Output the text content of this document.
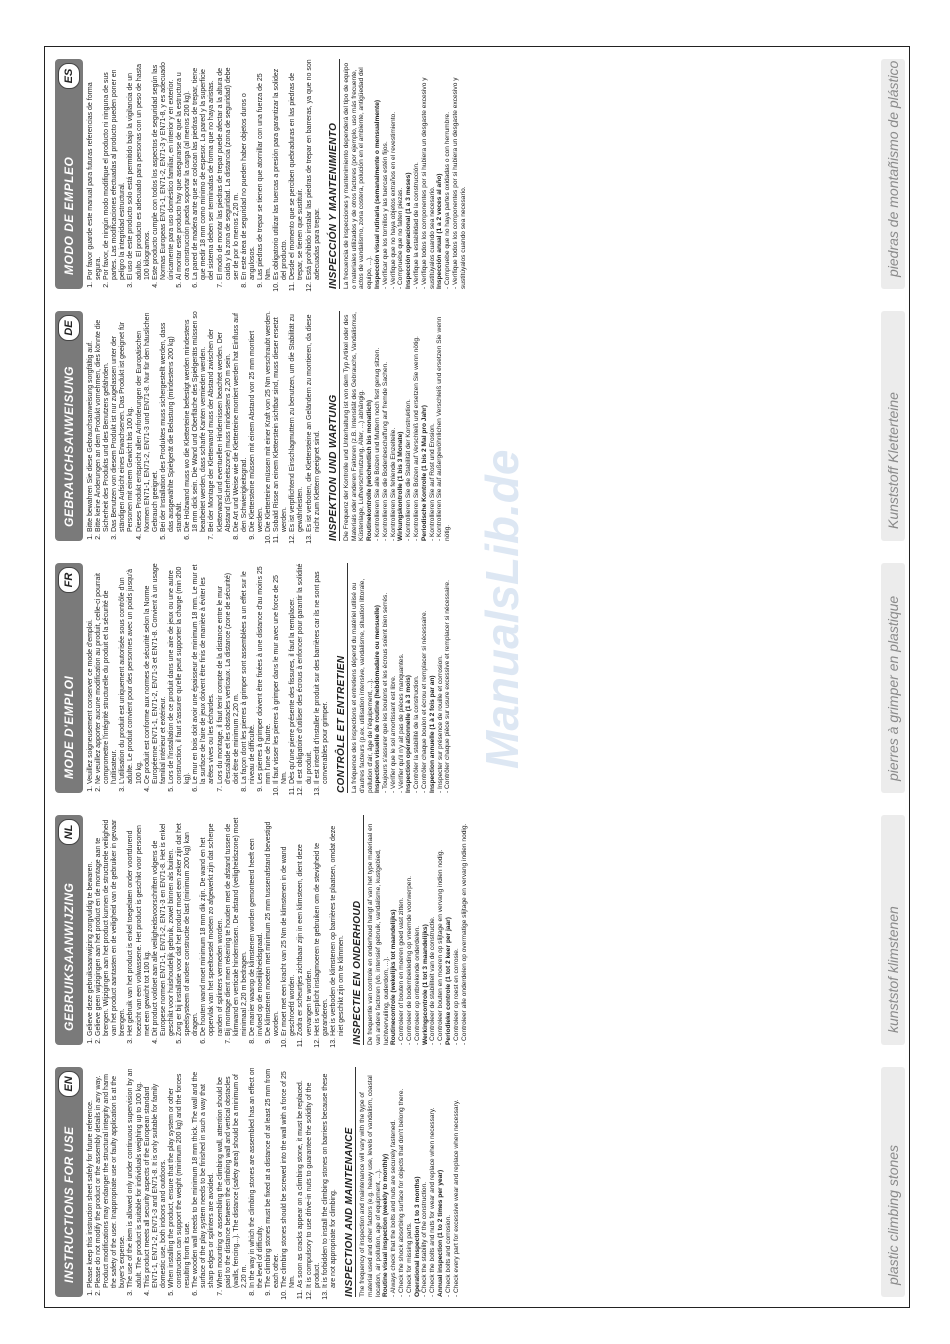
ManualsLib.de
INSTRUCTIONS FOR USE
EN
1. Please keep this instruction sheet safely for future reference. 2. Please do not modify the product or the assembly details in any way. Product modifications may endanger the structural integrity and harm the safety of the user. Inappropriate use or faulty application is at the buyer's expense. 3. The use of the item is allowed only under continuous supervision by an adult. The product is suitable for individuals weighing up to 100 kg. 4. This product meets all security aspects of the European standard EN71-1, EN71-2, EN71-3 and EN71-8. It is only suitable for family domestic use, both indoors and outdoors. 5. When installing the product, ensure that the play system or other construction can support the weight (minimum 200 kg) and the forces resulting from its use. 6. The wooden wall needs to be minimum 18 mm thick. The wall and the surface of the play system needs to be finished in such a way that sharp edges or splinters are avoided. 7. When mounting or assembling the climbing wall, attention should be paid to the distance between the climbing wall and vertical obstacles (walls, fencing...). The distance (safety area) should be a minimum of 2,20 m. 8. In the way in which the climbing stones are assembled has an effect on the level of difficulty. 9. The climbing stones must be fixed at a distance of at least 25 mm from each other. 10. The climbing stones should be screwed into the wall with a force of 25 Nm. 11. As soon as cracks appear on a climbing stone, it must be replaced. 12. It is compulsory to use drive-in nuts to guarantee the solidity of the product. 13. It is forbidden to install the climbing stones on barriers because these are not appropriate for climbing. INSPECTION AND MAINTENANCE The frequency of inspection and maintenance will vary with the type of material used and other factors (e.g. heavy use, levels of vandalism, coastal location, air pollution, age of equipment, ...). Routine visual inspection (weekly to monthly) - Always check that the bolts and nuts are securely fastened. - Check the shock absorbing surface for objects that don't belong there. - Check for missing parts. Operational inspection (1 to 3 months) - Check the stability of the construction. - Check the bolts and nuts for wear and replace when necessary. Annual inspection (1 to 2 times per year) - Check bolts and corrosion. - Check every part for excessive wear and replace when necessary.	plastic climbing stones
GEBRUIKSAANWIJZING
NL
1. Gelieve deze gebruiksaanwijzing zorgvuldig te bewaren. 2. Gelieve geen wijzigingen aan het product en de montage aan te brengen. Wijzigingen aan het product kunnen de structurele veiligheid van het product aantasten en de veiligheid van de gebruiker in gevaar brengen. 3. Het gebruik van het product is enkel toegelaten onder voortdurend toezicht van een volwassene. Het product is geschikt voor personen met een gewicht tot 100 kg. 4. Dit product voldoet aan alle veiligheidsvoorschriften volgens de Europese normen EN71-1, EN71-2, EN71-3 en EN71-8. Het is enkel geschikt voor huishoudelijk gebruik, zowel binnen als buiten. 5. Zorg er bij installatie voor dat het product moet een zeker zijn dat het speelsysteem of andere constructie de last (minimum 200 kg) kan dragen. 6. De houten wand moet minimum 18 mm dik zijn. De wand en het oppervlak van het speeltoestel moeten zo afgewerkt zijn dat scherpe randen of splinters vermeden worden. 7. Bij montage dient men rekening te houden met de afstand tussen de klimwand en verticale hindernissen. De afstand (veiligheidszone) moet minimaal 2,20 m bedragen. 8. De manier waarop de klimstenen worden gemonteerd heeft een invloed op de moeilijkheidsgraad. 9. De klimstenen moeten met minimum 25 mm tussenafstand bevestigd worden. 10. Er moet met een kracht van 25 Nm de klimstenen in de wand geschroefd worden. 11. Zodra er scheurtjes zichtbaar zijn in een klimsteen, dient deze vervangen te worden. 12. Het is verplicht inslagmoeren te gebruiken om de stevigheid te garanderen. 13. Het is verboden de klimstenen op barrières te plaatsen, omdat deze niet geschikt zijn om te klimmen. INSPECTIE EN ONDERHOUD De frequentie van controle en onderhoud hangt af van het type materiaal en van andere factoren (vb. intensief gebruik, vandalisme, kustgebied, luchtvervuiling, ouderdom, ...). Routinecontrole (wekelijks tot maandelijks) - Controleer of bouten en moeren goed vast zitten. - Controleer de bodembekleding op vreemde voorwerpen. - Controleer op ontbrekende onderdelen. Werkingscontrole (1 tot 3 maandelijks) - Controleer de stabiliteit van de constructie. - Controleer bouten en moeren op slijtage en vervang indien nodig. Periodieke controle (1 tot 2 keer per jaar) - Controleer op roest en corrosie. - Controleer alle onderdelen op overmatige slijtage en vervang indien nodig.	kunststof klimstenen
MODE D'EMPLOI
FR
1. Veuillez soigneusement conserver ce mode d'emploi. 2. Ne veuillez apporter aucune modification au produit, celle-ci pourrait compromettre l'intégrité structurelle du produit et la sécurité de l'utilisateur. 3. L'utilisation du produit est uniquement autorisée sous contrôle d'un adulte. Le produit convient pour des personnes avec un poids jusqu'à 100 kg. 4. Ce produit est conforme aux normes de sécurité selon la Norme Européenne EN71-1, EN71-2, EN71-3 et EN71-8. Convient à un usage familial intérieur et extérieur. 5. Lors de l'installation de ce produit dans une aire de jeux ou une autre construction, il faut s'assurer qu'elle peut supporter la charge (min 200 kg). 6. Le mur en bois doit avoir une épaisseur de minimum 18 mm. Le mur et la surface de l'aire de jeux doivent être finis de manière à éviter les arêtes vives ou les échardes. 7. Lors du montage, il faut tenir compte de la distance entre le mur d'escalade et les obstacles verticaux. La distance (zone de sécurité) doit être de minimum 2,20 m. 8. La façon dont les pierres à grimper sont assemblées a un effet sur le niveau de difficulté. 9. Les pierres à grimper doivent être fixées à une distance d'au moins 25 mm l'une de l'autre. 10. Il faut visser les pierres à grimper dans le mur avec une force de 25 Nm. 11. Dès qu'une pierre présente des fissures, il faut la remplacer. 12. Il est obligatoire d'utiliser des écrous à enfoncer pour garantir la solidité du produit. 13. Il est interdit d'installer le produit sur des barrières car ils ne sont pas convenables pour grimper. CONTRÔLE ET ENTRETIEN La fréquence des inspections et entretiens dépend du matériel utilisé ou d'autres facteurs (p.ex. utilisation intensive, vandalisme, situation littorale, pollution d'air, âge de l'équipement, ...). Inspection visuelle de routine (hebdomadaire ou mensuelle) - Toujours s'assurer que les boulons et les écrous soient bien serrés. - Vérifier que le sol amortissant est libre. - Vérifier qu'il n'y ait pas de pièces manquantes. Inspection opérationnelle (1 à 3 mois) - Contrôler la stabilité de la construction. - Contrôler chaque boulon et écrou et remplacer si nécessaire. Inspection annuelle (1 à 2 fois par an) - Inspecter sur présence de rouille et corrosion. - Contrôler chaque pièce sur usure excessive et remplacer si nécessaire.	pierres à grimper en plastique
GEBRAUCHSANWEISUNG
DE
1. Bitte bewahren Sie diese Gebrauchsanweisung sorgfältig auf. 2. Bitte keine Änderungen an dem Produkt vornehmen, dies könnte die Sicherheit des Produkts und des Benutzers gefährden. 3. Das Benutzen von diesem Produkt ist nur zugelassen unter der ständigen Aufsicht eines Erwachsenen. Das Produkt ist geeignet für Personen mit einem Gewicht bis 100 kg. 4. Dieses Produkt entspricht allen Anforderungen der Europäischen Normen EN71-1, EN71-2, EN71-3 und EN71-8. Nur für den häuslichen Gebrauch geeignet. 5. Bei der Installation des Produktes muss sichergestellt werden, dass das ausgewählte Spielgerät die Belastung (mindestens 200 kg) standhält. 6. Die Holzwand muss wo die Kletterteine befestigt werden mindestens 18 mm dick sein. Die Wand und Oberfläche des Spielgeräts müssen so bearbeitet werden, dass scharfe Kanten vermieden werden. 7. Bei der Montage der Kletterwand muss der Abstand zwischen der Kletterwand und eventuellen Hindernissen beachtet werden. Der Abstand (Sicherheitszone) muss mindestens 2,20 m sein. 8. Die Art und Weise wie die Kletterteine montiert werden hat Einfluss auf den Schwierigkeitsgrad. 9. Die Klettersteine müssen mit einem Abstand von 25 mm montiert werden. 10. Die Kletterteine müssen mit einer Kraft von 25 Nm verschraubt werden. 11. Sobald Risse an einem Kletterstein sichtbar sind, muss dieser ersetzt werden. 12. Es ist verpflichtend Einschlagmuttern zu benutzen, um die Stabilität zu gewährleisten. 13. Es ist verboten, die Klettersteine an Geländern zu montieren, da diese nicht zum Klettern geeignet sind. INSPEKTION UND WARTUNG Die Frequenz der Kontrolle und Unterhaltung ist von dem Typ Artikel oder des Materials oder anderen Faktoren (z.B. Intensität des Gebrauchs, Vandalismus, Küstenlage, Luftverschmutzung, Alter, ...) abhängig. Routinekontrolle (wöchentlich bis monatlich) - Kontrollieren Sie alle Bolzen und Muttern noch fest genug sitzen. - Kontrollieren Sie die Bodenbeschaffung auf fremde Sachen. - Kontrollieren Sie fehlende Einzelteile. Wirkungskontrolle (1 bis 3 Monate) - Kontrollieren Sie die Stabilität der Konstruktion. - Kontrollieren Sie Bolzen auf Verschleiß und ersetzen Sie wenn nötig. Periodische Kontrolle (1 bis 2 Mal pro Jahr) - Kontrollieren Sie auf Rost und Erosion. - Kontrollieren Sie auf außergewöhnlichen Verschleiß und ersetzen Sie wenn nötig.
Kunststoff Kletterteine
MODO DE EMPLEO
ES
1. Por favor guarde este manual para futuras referencias de forma segura. 2. Por favor, de ningún modo modifique el producto ni ninguna de sus partes. Las modificaciones efectuadas al producto pueden poner en peligro la integridad estructural. 3. El uso de este producto solo está permitido bajo la vigilancia de un adulto. El producto es adecuado para personas con un peso de hasta 100 kilogramos. 4. Este producto cumple con todos los aspectos de seguridad según las Normas Europeas EN71-1, EN71-2, EN71-3 y EN71-8, y es adecuado únicamente para uso doméstico familiar, en interior y en exterior. 5. Al montar este producto hay que asegurarse de que la estructura u otra construcción pueda soportar la carga (al menos 200 kg). 6. La pared de madera ante que se colocan las piedras de trepar, tiene que medir 18 mm como mínimo de espesor. La pared y la superficie del sistema deben ser terminadas de forma que no haya aristas. 7. El modo de montar las piedras de trepar puede afectar a la altura de caída y la zona de seguridad. La distancia (zona de seguridad) debe ser de por lo menos 2,20 m. 8. En este área de seguridad no pueden haber objetos duros o angulosos. 9. Las piedras de trepar se tienen que atornillar con una fuerza de 25 Nm. 10. Es obligatorio utilizar las tuercas a presión para garantizar la solidez del producto. 11. Desde el momento que se perciben quebraduras en las piedras de trepar, se tienen que sustituir. 12. Está prohibido instalar las piedras de trepar en barreras, ya que no son adecuadas para trepar. INSPECCIÓN Y MANTENIMIENTO La frecuencia de inspecciones y mantenimiento dependerá del tipo de equipo o materiales utilizados y de otros factores (por ejemplo, uso más frecuente, actos de vandalismo, zona costera, polución en el ambiente, antigüedad del equipo, ...). Inspección visual rutinaria (semanalmente o mensualmente) - Verificar que los tornillos y las tuercas estén fijos. - Verifique que no haya objetos extraños en el revestimiento. - Compruebe que no falten piezas. Inspección operacional (1 a 3 meses) - Verifique la estabilidad de la construcción. - Verifique todos los componentes por si hubiera un desgaste excesivo y sustitúyalos cuando sea necesario. Inspección anual (1 a 2 veces al año) - Compruebe que no haya partes oxidadas o con herrumbre. - Verifique todos los componentes por si hubiera un desgaste excesivo y sustitúyalos cuando sea necesario.	piedras de montañismo de plástico
